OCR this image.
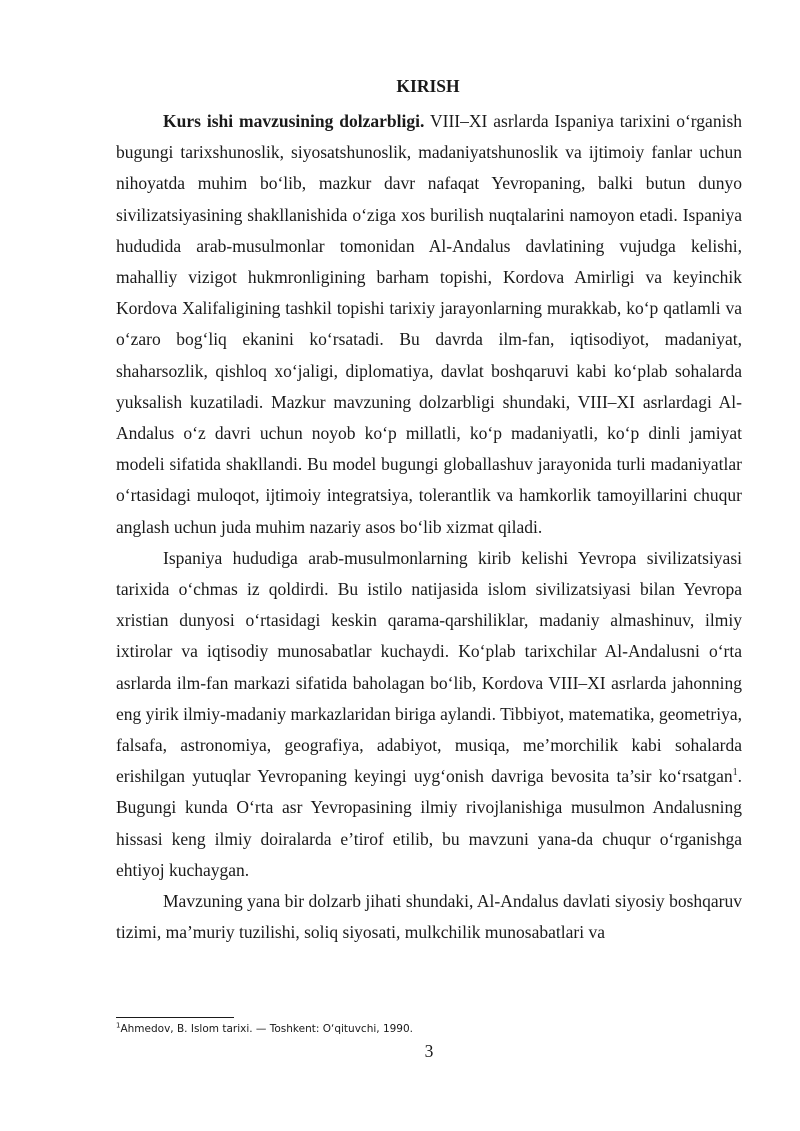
KIRISH

Kurs ishi mavzusining dolzarbligi. VIII–XI asrlarda Ispaniya tarixini o‘rganish bugungi tarixshunoslik, siyosatshunoslik, madaniyatshunoslik va ijtimoiy fanlar uchun nihoyatda muhim bo‘lib, mazkur davr nafaqat Yevropaning, balki butun dunyo sivilizatsiyasining shakllanishida o‘ziga xos burilish nuqtalarini namoyon etadi. Ispaniya hududida arab-musulmonlar tomonidan Al-Andalus davlatining vujudga kelishi, mahalliy vizigot hukmronligining barham topishi, Kordova Amirligi va keyinchik Kordova Xalifaligining tashkil topishi tarixiy jarayonlarning murakkab, ko‘p qatlamli va o‘zaro bog‘liq ekanini ko‘rsatadi. Bu davrda ilm-fan, iqtisodiyot, madaniyat, shaharsozlik, qishloq xo‘jaligi, diplomatiya, davlat boshqaruvi kabi ko‘plab sohalarda yuksalish kuzatiladi. Mazkur mavzuning dolzarbligi shundaki, VIII–XI asrlardagi Al-Andalus o‘z davri uchun noyob ko‘p millatli, ko‘p madaniyatli, ko‘p dinli jamiyat modeli sifatida shakllandi. Bu model bugungi globallashuv jarayonida turli madaniyatlar o‘rtasidagi muloqot, ijtimoiy integratsiya, tolerantlik va hamkorlik tamoyillarini chuqur anglash uchun juda muhim nazariy asos bo‘lib xizmat qiladi.

Ispaniya hududiga arab-musulmonlarning kirib kelishi Yevropa sivilizatsiyasi tarixida o‘chmas iz qoldirdi. Bu istilo natijasida islom sivilizatsiyasi bilan Yevropa xristian dunyosi o‘rtasidagi keskin qarama-qarshiliklar, madaniy almashinuv, ilmiy ixtirolar va iqtisodiy munosabatlar kuchaydi. Ko‘plab tarixchilar Al-Andalusni o‘rta asrlarda ilm-fan markazi sifatida baholagan bo‘lib, Kordova VIII–XI asrlarda jahonning eng yirik ilmiy-madaniy markazlaridan biriga aylandi. Tibbiyot, matematika, geometriya, falsafa, astronomiya, geografiya, adabiyot, musiqa, me’morchilik kabi sohalarda erishilgan yutuqlar Yevropaning keyingi uyg‘onish davriga bevosita ta’sir ko‘rsatgan$^1$. Bugungi kunda O‘rta asr Yevropasining ilmiy rivojlanishiga musulmon Andalusning hissasi keng ilmiy doiralarda e’tirof etilib, bu mavzuni yana-da chuqur o‘rganishga ehtiyoj kuchaygan.

Mavzuning yana bir dolzarb jihati shundaki, Al-Andalus davlati siyosiy boshqaruv tizimi, ma’muriy tuzilishi, soliq siyosati, mulkchilik munosabatlari va

$^1$Ahmedov, B. Islom tarixi. — Toshkent: O‘qituvchi, 1990.
3
